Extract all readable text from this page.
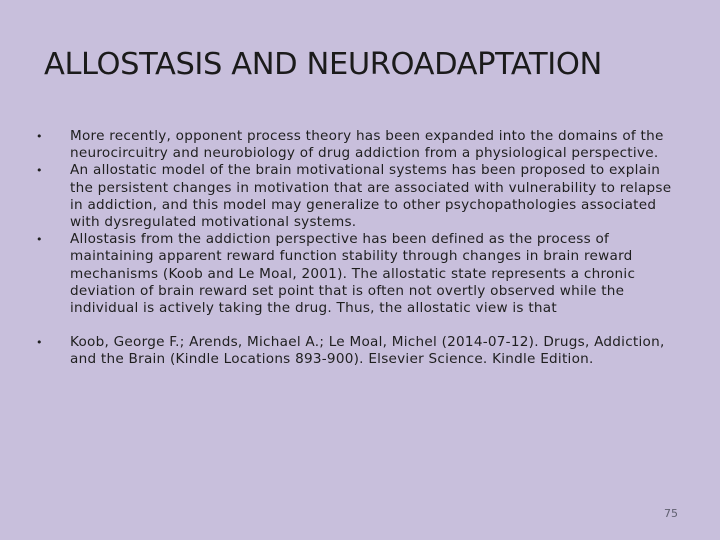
ALLOSTASIS AND NEUROADAPTATION
• More recently, opponent process theory has been expanded into the domains of the neurocircuitry and neurobiology of drug addiction from a physiological perspective.
• An allostatic model of the brain motivational systems has been proposed to explain the persistent changes in motivation that are associated with vulnerability to relapse in addiction, and this model may generalize to other psychopathologies associated with dysregulated motivational systems.
• Allostasis from the addiction perspective has been defined as the process of maintaining apparent reward function stability through changes in brain reward mechanisms (Koob and Le Moal, 2001). The allostatic state represents a chronic deviation of brain reward set point that is often not overtly observed while the individual is actively taking the drug. Thus, the allostatic view is that
• Koob, George F.; Arends, Michael A.; Le Moal, Michel (2014-07-12). Drugs, Addiction, and the Brain (Kindle Locations 893-900). Elsevier Science. Kindle Edition.
75
